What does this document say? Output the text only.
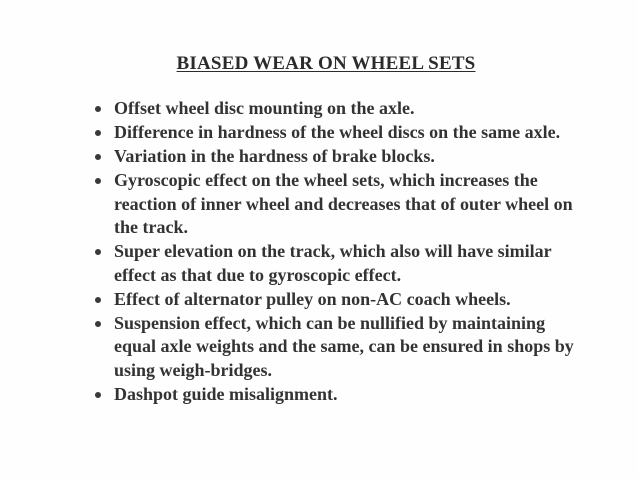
BIASED WEAR ON WHEEL SETS
Offset wheel disc mounting on the axle.
Difference in hardness of the wheel discs on the same axle.
Variation in the hardness of brake blocks.
Gyroscopic effect on the wheel sets, which increases the reaction of inner wheel and decreases that of outer wheel on the track.
Super elevation on the track, which also will have similar effect as that due to gyroscopic effect.
Effect of alternator pulley on non-AC coach wheels.
Suspension effect, which can be nullified by maintaining equal axle weights and the same, can be ensured in shops by using weigh-bridges.
Dashpot guide misalignment.
